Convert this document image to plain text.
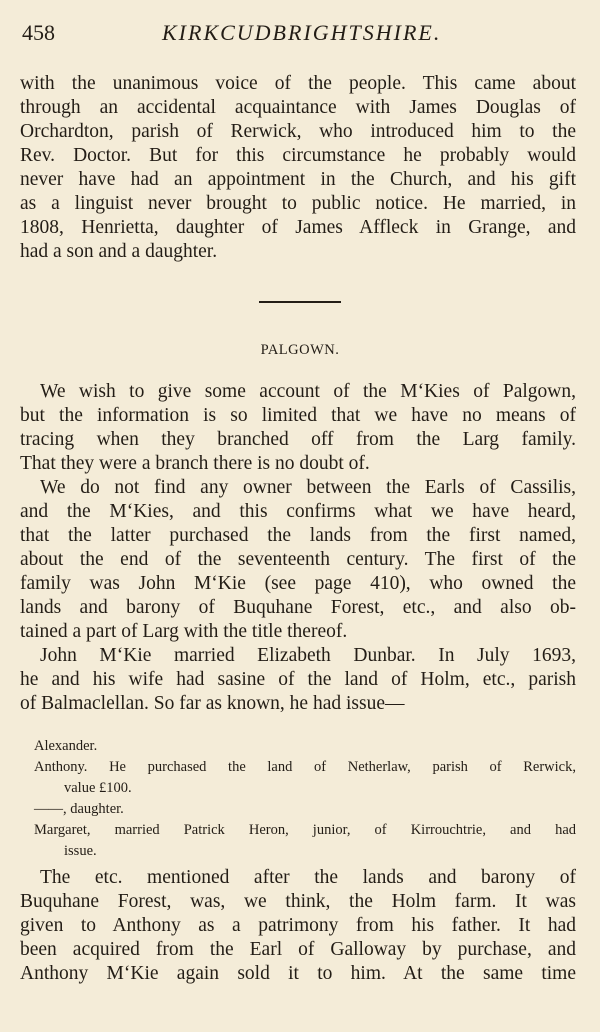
458	KIRKCUDBRIGHTSHIRE.
with the unanimous voice of the people. This came about
through an accidental acquaintance with James Douglas of
Orchardton, parish of Rerwick, who introduced him to the
Rev. Doctor. But for this circumstance he probably would
never have had an appointment in the Church, and his gift
as a linguist never brought to public notice. He married, in
1808, Henrietta, daughter of James Affleck in Grange, and
had a son and a daughter.
PALGOWN.
We wish to give some account of the M‘Kies of Palgown,
but the information is so limited that we have no means of
tracing when they branched off from the Larg family.
That they were a branch there is no doubt of.
We do not find any owner between the Earls of Cassilis,
and the M‘Kies, and this confirms what we have heard,
that the latter purchased the lands from the first named,
about the end of the seventeenth century. The first of the
family was John M‘Kie (see page 410), who owned the
lands and barony of Buquhane Forest, etc., and also ob-
tained a part of Larg with the title thereof.
John M‘Kie married Elizabeth Dunbar. In July 1693,
he and his wife had sasine of the land of Holm, etc., parish
of Balmaclellan. So far as known, he had issue—
Alexander.
Anthony. He purchased the land of Netherlaw, parish of Rerwick,
value £100.
——, daughter.
Margaret, married Patrick Heron, junior, of Kirrouchtrie, and had
issue.
The etc. mentioned after the lands and barony of
Buquhane Forest, was, we think, the Holm farm. It was
given to Anthony as a patrimony from his father. It had
been acquired from the Earl of Galloway by purchase, and
Anthony M‘Kie again sold it to him. At the same time
